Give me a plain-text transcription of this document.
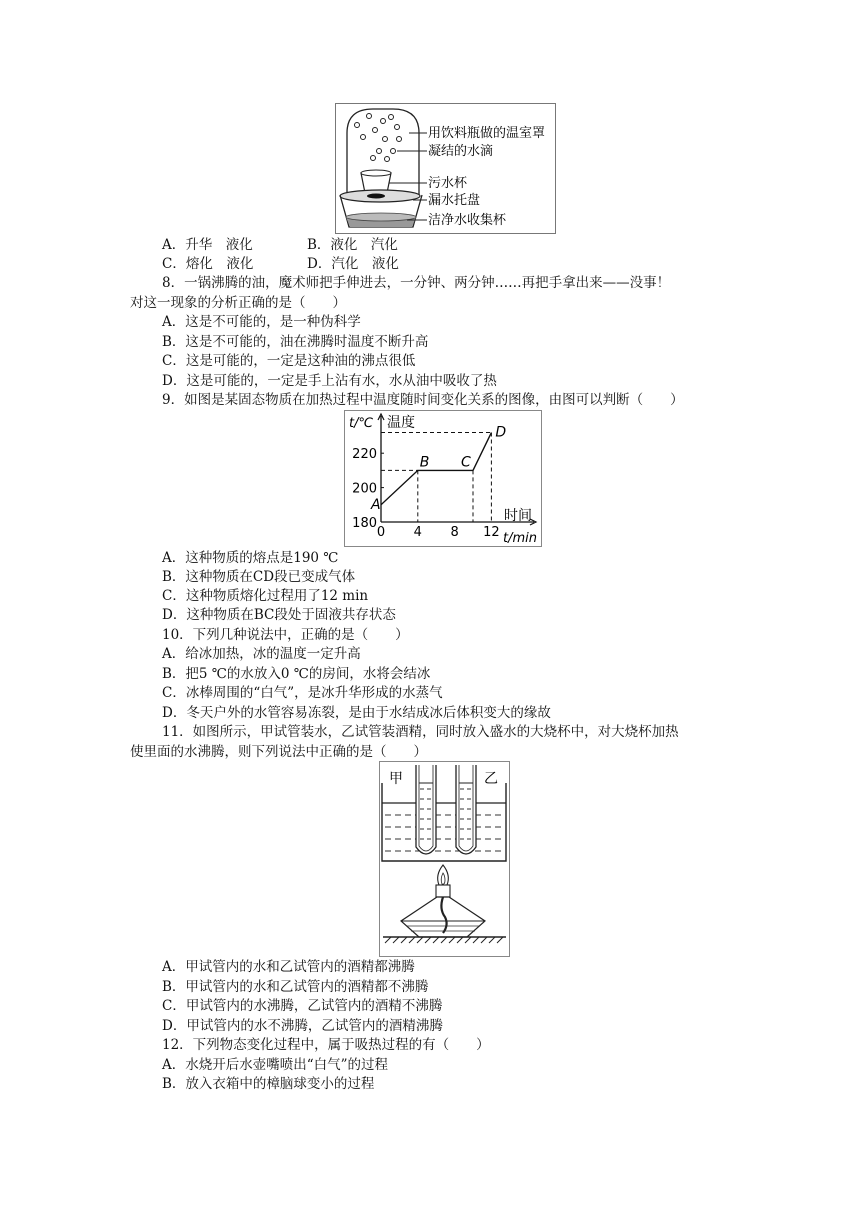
用饮料瓶做的温室罩
凝结的水滴
污水杯
漏水托盘
洁净水收集杯
A．升华　液化	B．液化　汽化
C．熔化　液化	D．汽化　液化
8．一锅沸腾的油，魔术师把手伸进去，一分钟、两分钟……再把手拿出来——没事！
对这一现象的分析正确的是（　　）
A．这是不可能的，是一种伪科学
B．这是不可能的，油在沸腾时温度不断升高
C．这是可能的，一定是这种油的沸点很低
D．这是可能的，一定是手上沾有水，水从油中吸收了热
9．如图是某固态物质在加热过程中温度随时间变化关系的图像，由图可以判断（　　）
t/℃ 温度
时间
t/min
180
200
220
0 4 8 12
A
B C
D
A．这种物质的熔点是190 ℃
B．这种物质在CD段已变成气体
C．这种物质熔化过程用了12 min
D．这种物质在BC段处于固液共存状态
10．下列几种说法中，正确的是（　　）
A．给冰加热，冰的温度一定升高
B．把5 ℃的水放入0 ℃的房间，水将会结冰
C．冰棒周围的“白气”，是冰升华形成的水蒸气
D．冬天户外的水管容易冻裂，是由于水结成冰后体积变大的缘故
11．如图所示，甲试管装水，乙试管装酒精，同时放入盛水的大烧杯中，对大烧杯加热
使里面的水沸腾，则下列说法中正确的是（　　）
甲	乙
A．甲试管内的水和乙试管内的酒精都沸腾
B．甲试管内的水和乙试管内的酒精都不沸腾
C．甲试管内的水沸腾，乙试管内的酒精不沸腾
D．甲试管内的水不沸腾，乙试管内的酒精沸腾
12．下列物态变化过程中，属于吸热过程的有（　　）
A．水烧开后水壶嘴喷出“白气”的过程
B．放入衣箱中的樟脑球变小的过程
